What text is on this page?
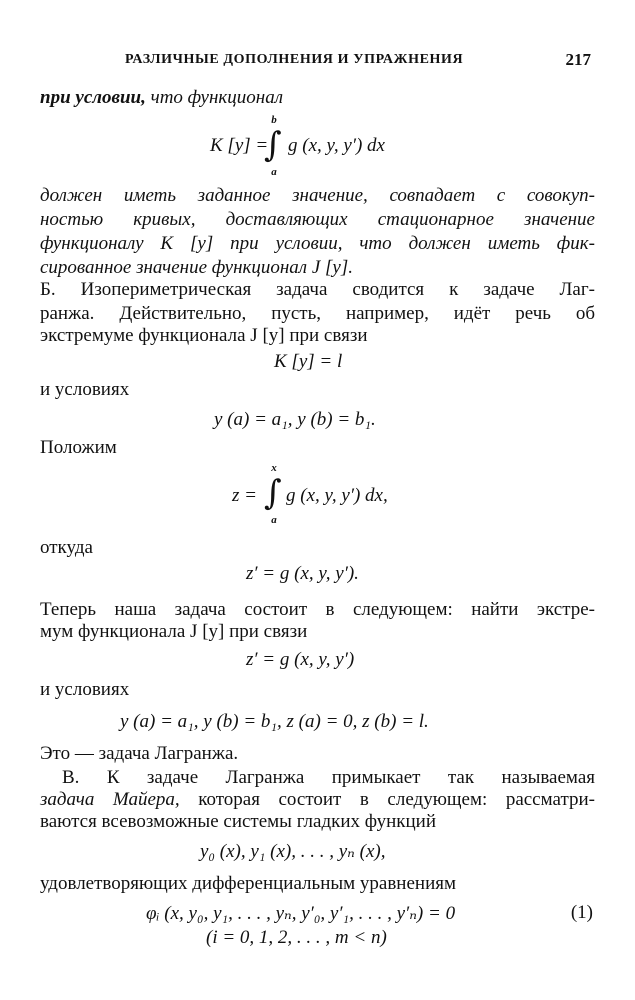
РАЗЛИЧНЫЕ ДОПОЛНЕНИЯ И УПРАЖНЕНИЯ	217
при условии, что функционал
K [y] =
b
∫
a
g (x, y, y′) dx
должен иметь заданное значение, совпадает с совокуп-
ностью кривых, доставляющих стационарное значение
функционалу K [y] при условии, что должен иметь фик-
сированное значение функционал J [y].
Б. Изопериметрическая задача сводится к задаче Лаг-
ранжа. Действительно, пусть, например, идёт речь об
экстремуме функционала J [y] при связи
K [y] = l
и условиях
y (a) = a₁, y (b) = b₁.
Положим
z =
x
∫
a
g (x, y, y′) dx,
откуда
z′ = g (x, y, y′).
Теперь наша задача состоит в следующем: найти экстре-
мум функционала J [y] при связи
z′ = g (x, y, y′)
и условиях
y (a) = a₁, y (b) = b₁, z (a) = 0, z (b) = l.
Это — задача Лагранжа.
В. К задаче Лагранжа примыкает так называемая
задача Майера, которая состоит в следующем: рассматри-
ваются всевозможные системы гладких функций
y₀ (x), y₁ (x), . . . , yₙ (x),
удовлетворяющих дифференциальным уравнениям
φᵢ (x, y₀, y₁, . . . , yₙ, y′₀, y′₁, . . . , y′ₙ) = 0	(1)
(i = 0, 1, 2, . . . , m < n)
